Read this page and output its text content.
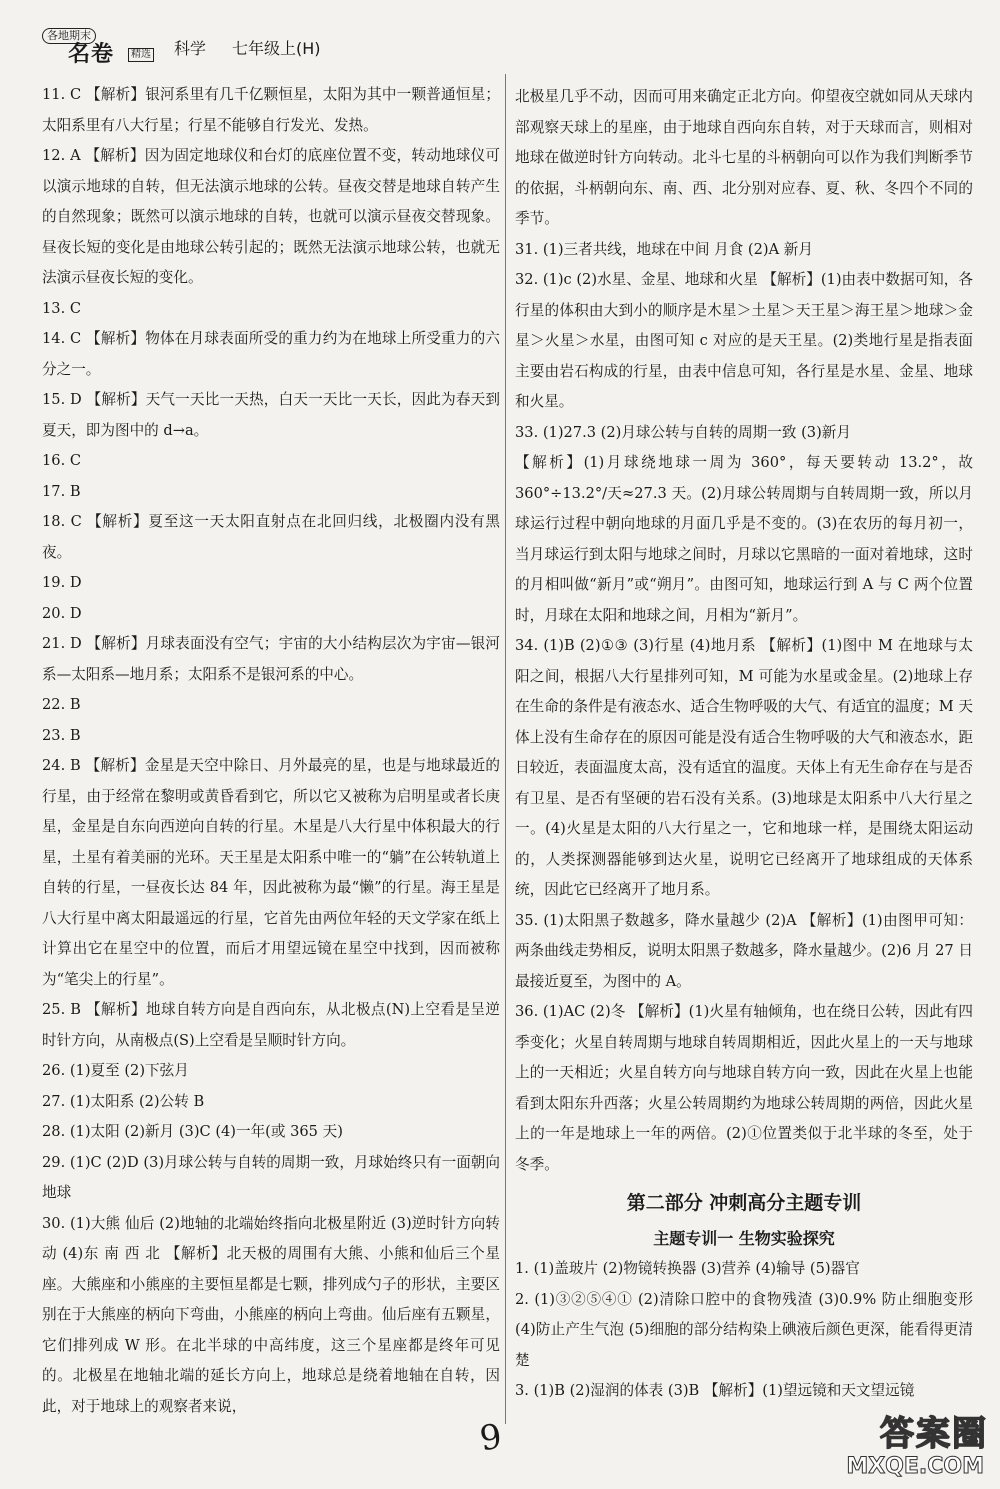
各地期末
名卷	精选 科学 七年级上(H)

11. C 【解析】银河系里有几千亿颗恒星，太阳为其中一颗普通恒星；太阳系里有八大行星；行星不能够自行发光、发热。

12. A 【解析】因为固定地球仪和台灯的底座位置不变，转动地球仪可以演示地球的自转，但无法演示地球的公转。昼夜交替是地球自转产生的自然现象；既然可以演示地球的自转，也就可以演示昼夜交替现象。昼夜长短的变化是由地球公转引起的；既然无法演示地球公转，也就无法演示昼夜长短的变化。

13. C

14. C 【解析】物体在月球表面所受的重力约为在地球上所受重力的六分之一。

15. D 【解析】天气一天比一天热，白天一天比一天长，因此为春天到夏天，即为图中的 d→a。

16. C

17. B

18. C 【解析】夏至这一天太阳直射点在北回归线，北极圈内没有黑夜。

19. D

20. D

21. D 【解析】月球表面没有空气；宇宙的大小结构层次为宇宙—银河系—太阳系—地月系；太阳系不是银河系的中心。

22. B

23. B

24. B 【解析】金星是天空中除日、月外最亮的星，也是与地球最近的行星，由于经常在黎明或黄昏看到它，所以它又被称为启明星或者长庚星，金星是自东向西逆向自转的行星。木星是八大行星中体积最大的行星，土星有着美丽的光环。天王星是太阳系中唯一的“躺”在公转轨道上自转的行星，一昼夜长达 84 年，因此被称为最“懒”的行星。海王星是八大行星中离太阳最遥远的行星，它首先由两位年轻的天文学家在纸上计算出它在星空中的位置，而后才用望远镜在星空中找到，因而被称为“笔尖上的行星”。

25. B 【解析】地球自转方向是自西向东，从北极点(N)上空看是呈逆时针方向，从南极点(S)上空看是呈顺时针方向。

26. (1)夏至 (2)下弦月

27. (1)太阳系 (2)公转 B

28. (1)太阳 (2)新月 (3)C (4)一年(或 365 天)

29. (1)C (2)D (3)月球公转与自转的周期一致，月球始终只有一面朝向地球

30. (1)大熊 仙后 (2)地轴的北端始终指向北极星附近 (3)逆时针方向转动 (4)东 南 西 北 【解析】北天极的周围有大熊、小熊和仙后三个星座。大熊座和小熊座的主要恒星都是七颗，排列成勺子的形状，主要区别在于大熊座的柄向下弯曲，小熊座的柄向上弯曲。仙后座有五颗星，它们排列成 W 形。在北半球的中高纬度，这三个星座都是终年可见的。北极星在地轴北端的延长方向上，地球总是绕着地轴在自转，因此，对于地球上的观察者来说，

北极星几乎不动，因而可用来确定正北方向。仰望夜空就如同从天球内部观察天球上的星座，由于地球自西向东自转，对于天球而言，则相对地球在做逆时针方向转动。北斗七星的斗柄朝向可以作为我们判断季节的依据，斗柄朝向东、南、西、北分别对应春、夏、秋、冬四个不同的季节。

31. (1)三者共线，地球在中间 月食 (2)A 新月

32. (1)c (2)水星、金星、地球和火星 【解析】(1)由表中数据可知，各行星的体积由大到小的顺序是木星＞土星＞天王星＞海王星＞地球＞金星＞火星＞水星，由图可知 c 对应的是天王星。(2)类地行星是指表面主要由岩石构成的行星，由表中信息可知，各行星是水星、金星、地球和火星。

33. (1)27.3 (2)月球公转与自转的周期一致 (3)新月

【解析】(1)月球绕地球一周为 360°，每天要转动 13.2°，故 360°÷13.2°/天≈27.3 天。(2)月球公转周期与自转周期一致，所以月球运行过程中朝向地球的月面几乎是不变的。(3)在农历的每月初一，当月球运行到太阳与地球之间时，月球以它黑暗的一面对着地球，这时的月相叫做“新月”或“朔月”。由图可知，地球运行到 A 与 C 两个位置时，月球在太阳和地球之间，月相为“新月”。

34. (1)B (2)①③ (3)行星 (4)地月系 【解析】(1)图中 M 在地球与太阳之间，根据八大行星排列可知，M 可能为水星或金星。(2)地球上存在生命的条件是有液态水、适合生物呼吸的大气、有适宜的温度；M 天体上没有生命存在的原因可能是没有适合生物呼吸的大气和液态水，距日较近，表面温度太高，没有适宜的温度。天体上有无生命存在与是否有卫星、是否有坚硬的岩石没有关系。(3)地球是太阳系中八大行星之一。(4)火星是太阳的八大行星之一，它和地球一样，是围绕太阳运动的，人类探测器能够到达火星，说明它已经离开了地球组成的天体系统，因此它已经离开了地月系。

35. (1)太阳黑子数越多，降水量越少 (2)A 【解析】(1)由图甲可知：两条曲线走势相反，说明太阳黑子数越多，降水量越少。(2)6 月 27 日最接近夏至，为图中的 A。

36. (1)AC (2)冬 【解析】(1)火星有轴倾角，也在绕日公转，因此有四季变化；火星自转周期与地球自转周期相近，因此火星上的一天与地球上的一天相近；火星自转方向与地球自转方向一致，因此在火星上也能看到太阳东升西落；火星公转周期约为地球公转周期的两倍，因此火星上的一年是地球上一年的两倍。(2)①位置类似于北半球的冬至，处于冬季。

第二部分 冲刺高分主题专训
主题专训一 生物实验探究

1. (1)盖玻片 (2)物镜转换器 (3)营养 (4)输导 (5)器官

2. (1)③②⑤④① (2)清除口腔中的食物残渣 (3)0.9% 防止细胞变形 (4)防止产生气泡 (5)细胞的部分结构染上碘液后颜色更深，能看得更清楚

3. (1)B (2)湿润的体表 (3)B 【解析】(1)望远镜和天文望远镜

9	答案圈
MXQE.COM
